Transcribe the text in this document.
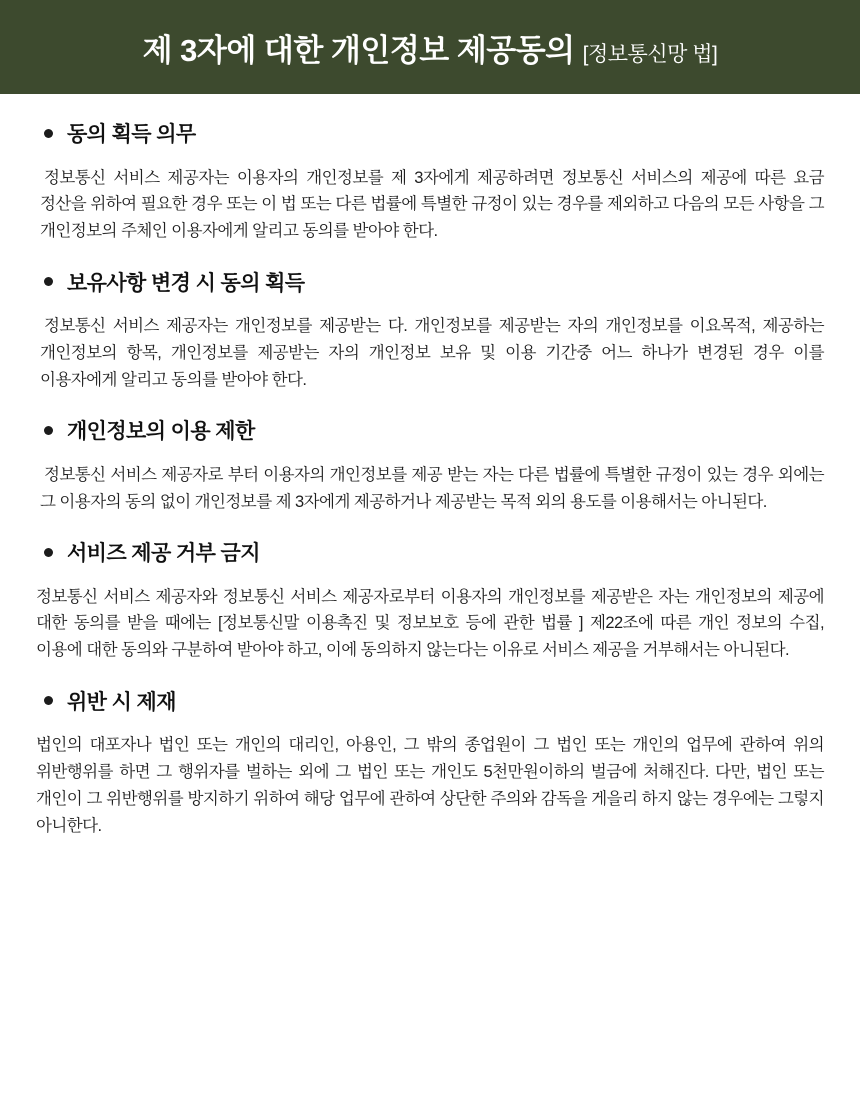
제 3자에 대한 개인정보 제공동의 [정보통신망 법]
동의 획득 의무

정보통신 서비스 제공자는 이용자의 개인정보를 제 3자에게 제공하려면 정보통신 서비스의 제공에 따른 요금 정산을 위하여 필요한 경우 또는 이 법 또는 다른 법률에 특별한 규정이 있는 경우를 제외하고 다음의 모든 사항을 그 개인정보의 주체인 이용자에게 알리고 동의를 받아야 한다.

보유사항 변경 시 동의 획득

정보통신 서비스 제공자는 개인정보를 제공받는 다. 개인정보를 제공받는 자의 개인정보를 이요목적, 제공하는 개인정보의 항목, 개인정보를 제공받는 자의 개인정보 보유 및 이용 기간중 어느 하나가 변경된 경우 이를 이용자에게 알리고 동의를 받아야 한다.

개인정보의 이용 제한

정보통신 서비스 제공자로 부터 이용자의 개인정보를 제공 받는 자는 다른 법률에 특별한 규정이 있는 경우 외에는 그 이용자의 동의 없이 개인정보를 제 3자에게 제공하거나 제공받는 목적 외의 용도를 이용해서는 아니된다.

서비즈 제공 거부 금지

정보통신 서비스 제공자와 정보통신 서비스 제공자로부터 이용자의 개인정보를 제공받은 자는 개인정보의 제공에 대한 동의를 받을 때에는 [정보통신말 이용촉진 및 정보보호 등에 관한 법률 ] 제22조에 따른 개인 정보의 수집, 이용에 대한 동의와 구분하여 받아야 하고, 이에 동의하지 않는다는 이유로 서비스 제공을 거부해서는 아니된다.

위반 시 제재

법인의 대포자나 법인 또는 개인의 대리인, 아용인, 그 밖의 종업원이 그 법인 또는 개인의 업무에 관하여 위의 위반행위를 하면 그 행위자를 벌하는 외에 그 법인 또는 개인도 5천만원이하의 벌금에 처해진다. 다만, 법인 또는 개인이 그 위반행위를 방지하기 위하여 해당 업무에 관하여 상단한 주의와 감독을 게을리 하지 않는 경우에는 그렇지 아니한다.
